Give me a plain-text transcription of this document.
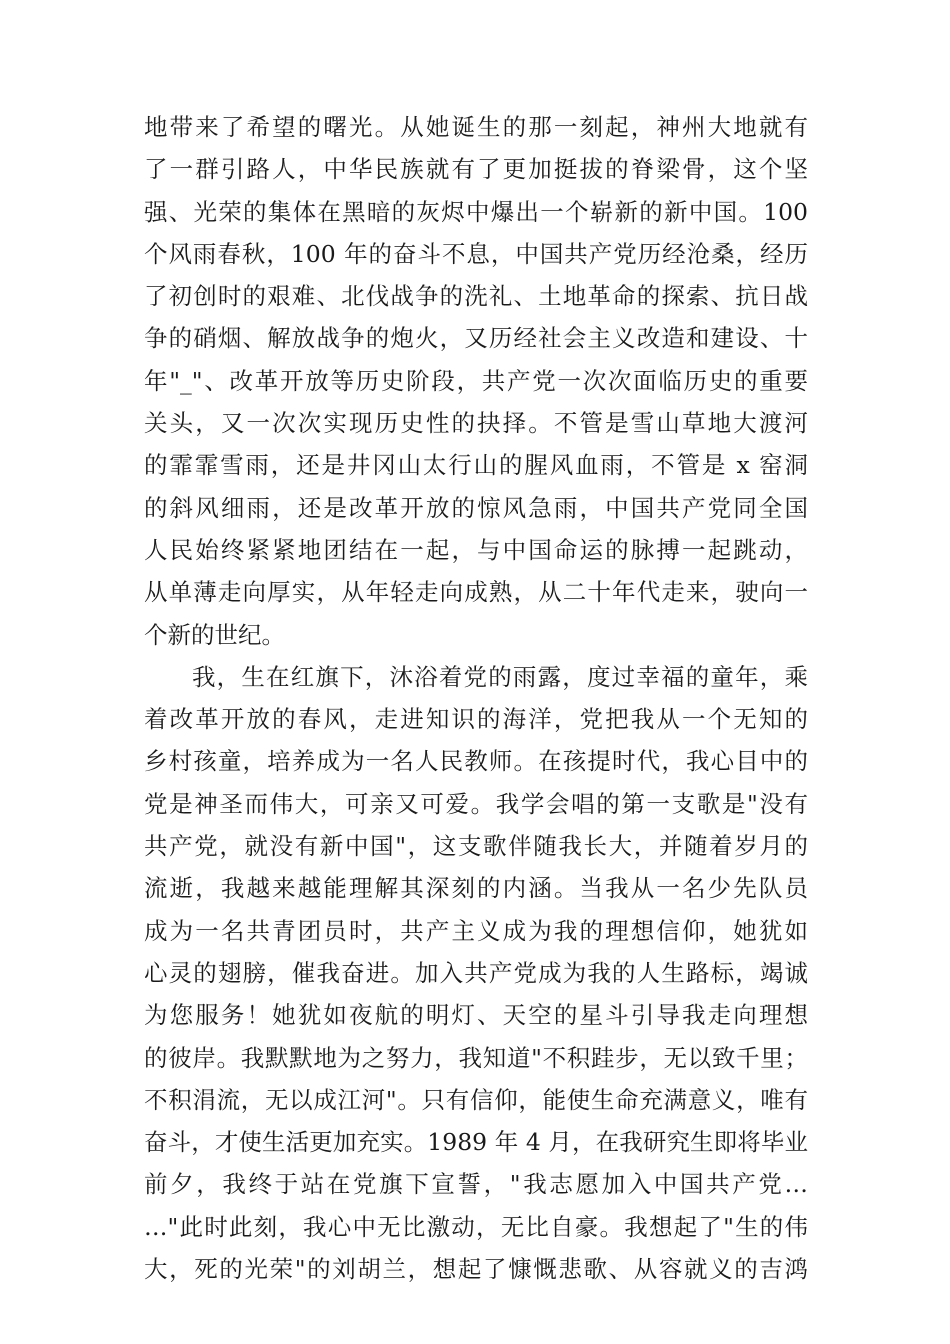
地带来了希望的曙光。从她诞生的那一刻起，神州大地就有
了一群引路人，中华民族就有了更加挺拔的脊梁骨，这个坚
强、光荣的集体在黑暗的灰烬中爆出一个崭新的新中国。100
个风雨春秋，100 年的奋斗不息，中国共产党历经沧桑，经历
了初创时的艰难、北伐战争的洗礼、土地革命的探索、抗日战
争的硝烟、解放战争的炮火，又历经社会主义改造和建设、十
年"_"、改革开放等历史阶段，共产党一次次面临历史的重要
关头，又一次次实现历史性的抉择。不管是雪山草地大渡河
的霏霏雪雨，还是井冈山太行山的腥风血雨，不管是 x 窑洞
的斜风细雨，还是改革开放的惊风急雨，中国共产党同全国
人民始终紧紧地团结在一起，与中国命运的脉搏一起跳动，
从单薄走向厚实，从年轻走向成熟，从二十年代走来，驶向一
个新的世纪。
我，生在红旗下，沐浴着党的雨露，度过幸福的童年，乘
着改革开放的春风，走进知识的海洋，党把我从一个无知的
乡村孩童，培养成为一名人民教师。在孩提时代，我心目中的
党是神圣而伟大，可亲又可爱。我学会唱的第一支歌是"没有
共产党，就没有新中国"，这支歌伴随我长大，并随着岁月的
流逝，我越来越能理解其深刻的内涵。当我从一名少先队员
成为一名共青团员时，共产主义成为我的理想信仰，她犹如
心灵的翅膀，催我奋进。加入共产党成为我的人生路标，竭诚
为您服务！她犹如夜航的明灯、天空的星斗引导我走向理想
的彼岸。我默默地为之努力，我知道"不积跬步，无以致千里；
不积涓流，无以成江河"。只有信仰，能使生命充满意义，唯有
奋斗，才使生活更加充实。1989 年 4 月，在我研究生即将毕业
前夕，我终于站在党旗下宣誓，"我志愿加入中国共产党…
…"此时此刻，我心中无比激动，无比自豪。我想起了"生的伟
大，死的光荣"的刘胡兰，想起了慷慨悲歌、从容就义的吉鸿
